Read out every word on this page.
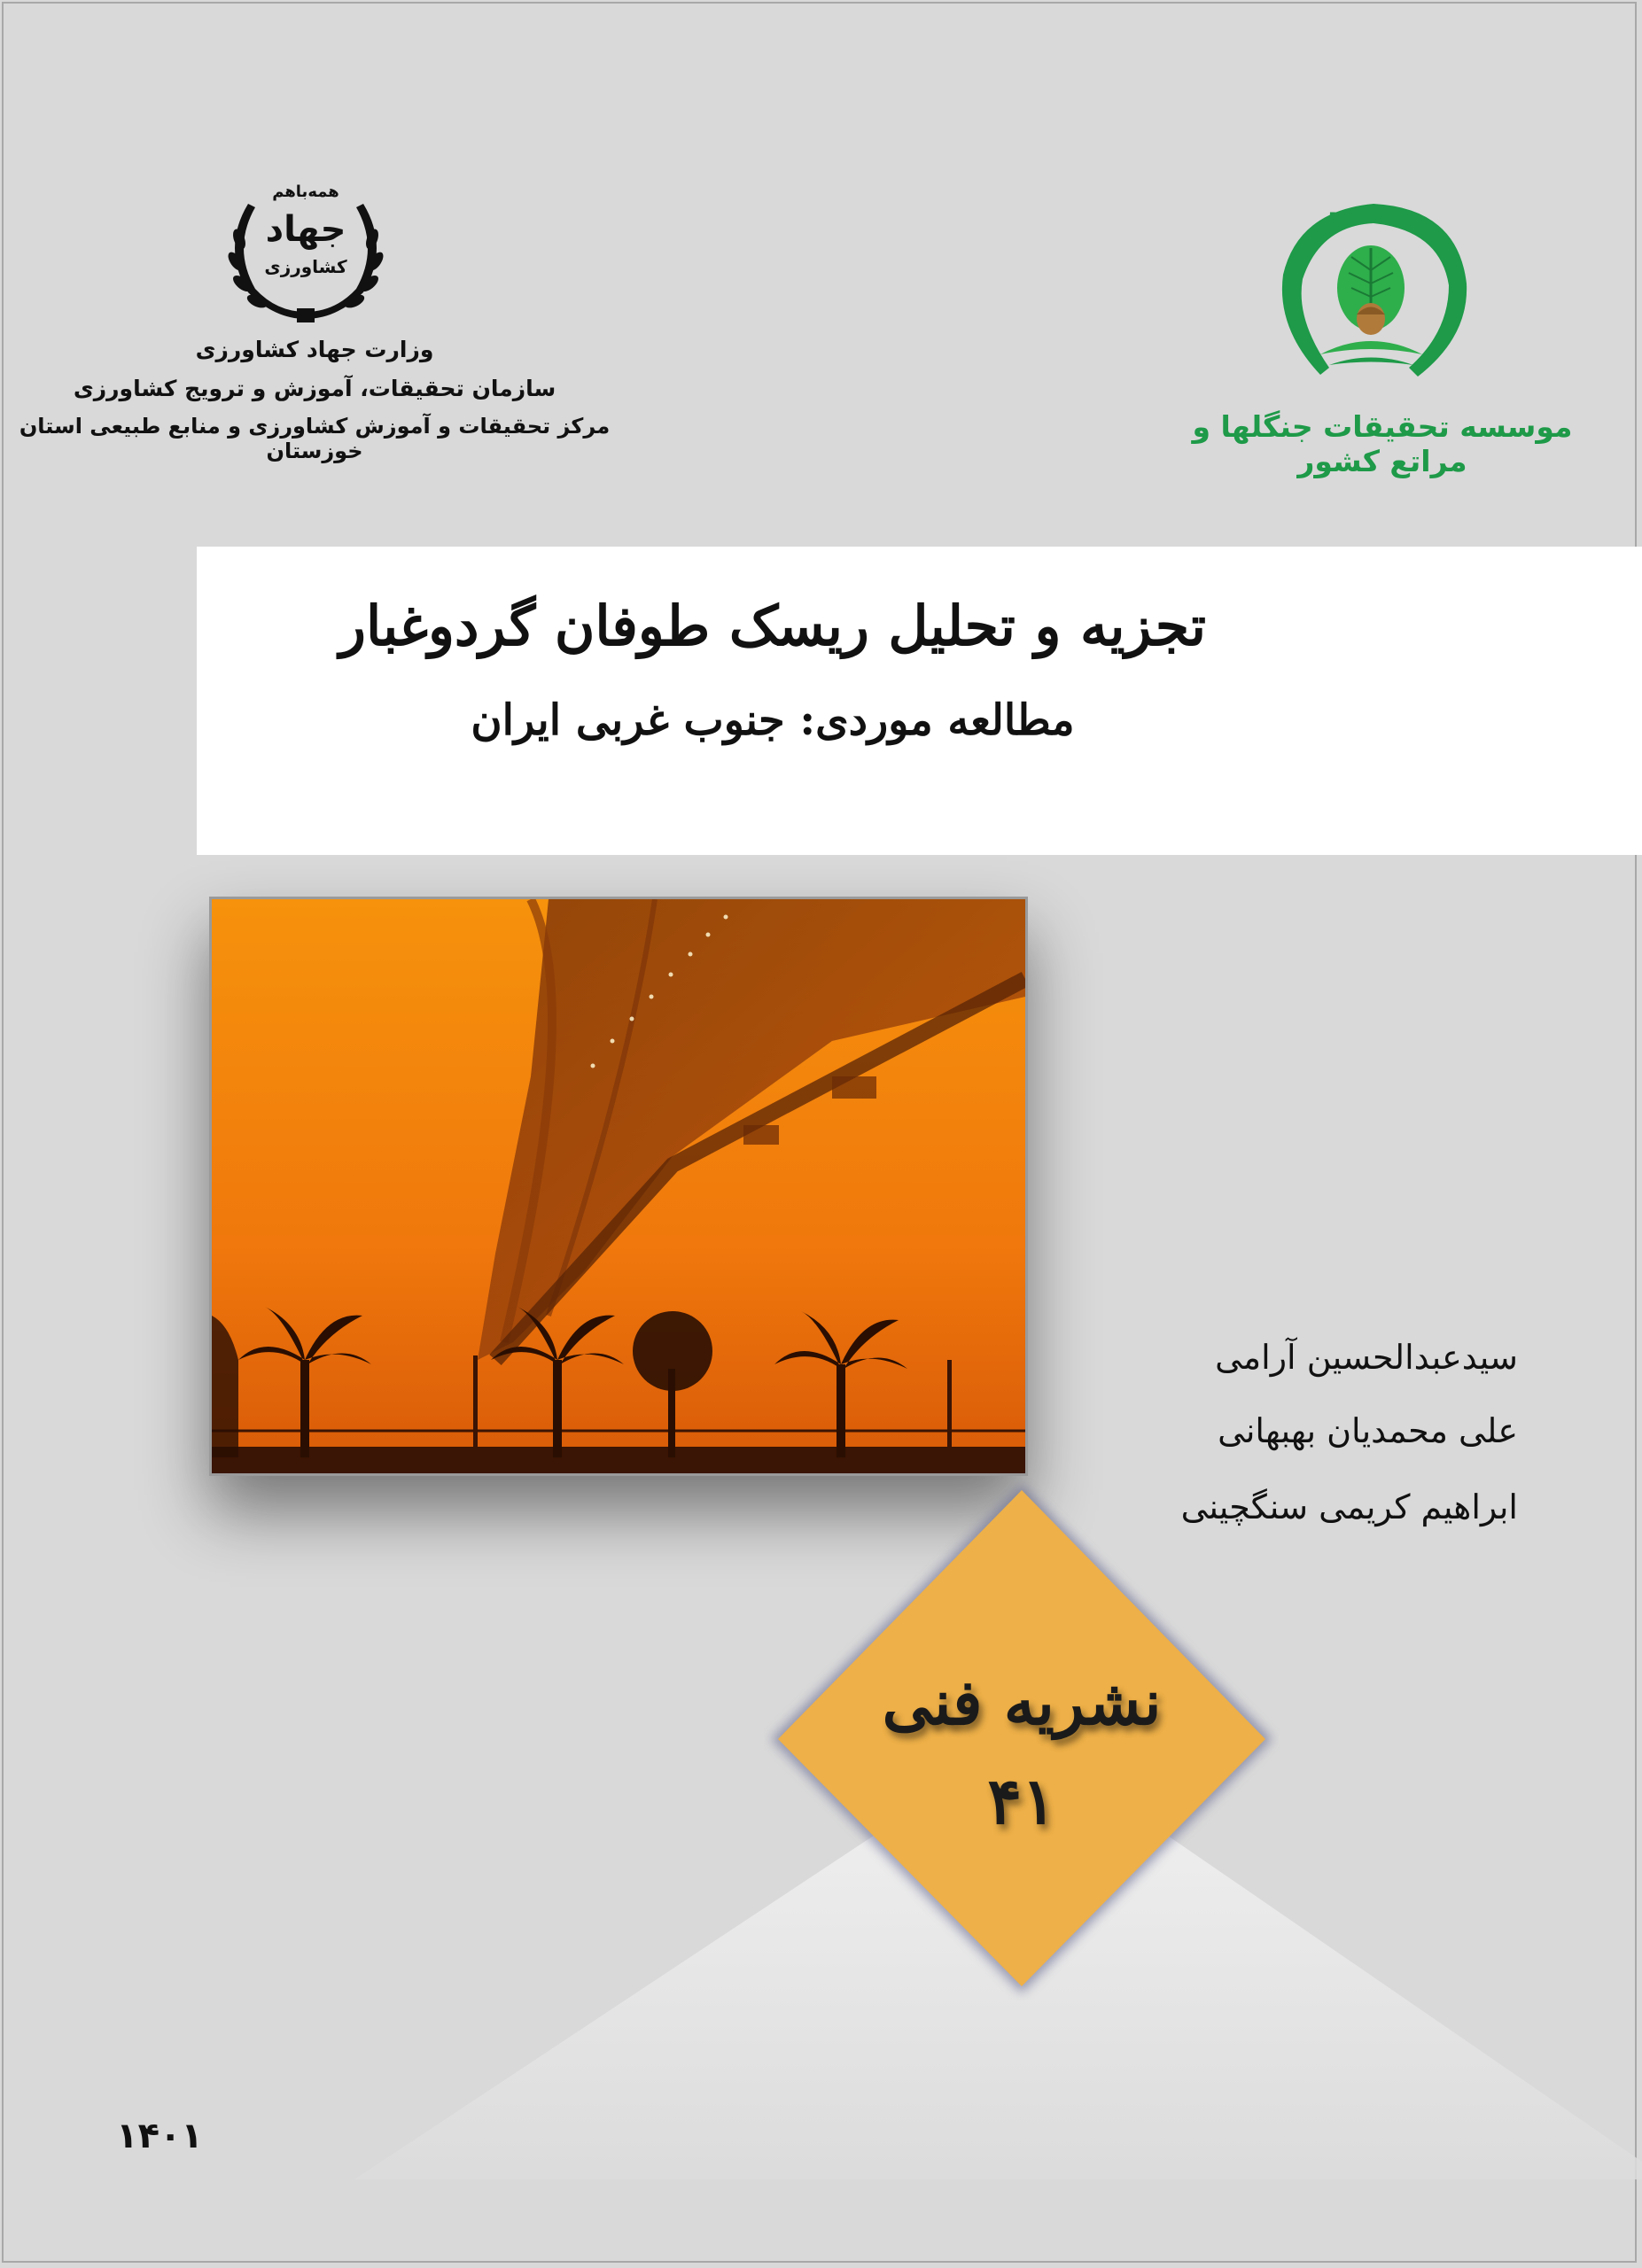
همه‌باهم
جهاد
کشاورزی
وزارت جهاد کشاورزی
سازمان تحقیقات، آموزش و ترویج کشاورزی
مرکز تحقیقات و آموزش کشاورزی و منابع طبیعی استان خوزستان
R.I.F.R
موسسه تحقیقات جنگلها و مراتع کشور
تجزیه و تحلیل ریسک طوفان گردوغبار
مطالعه موردی: جنوب غربی ایران
سیدعبدالحسین آرامی
علی محمدیان بهبهانی
ابراهیم کریمی سنگچینی
نشریه فنی
۴۱
۱۴۰۱
